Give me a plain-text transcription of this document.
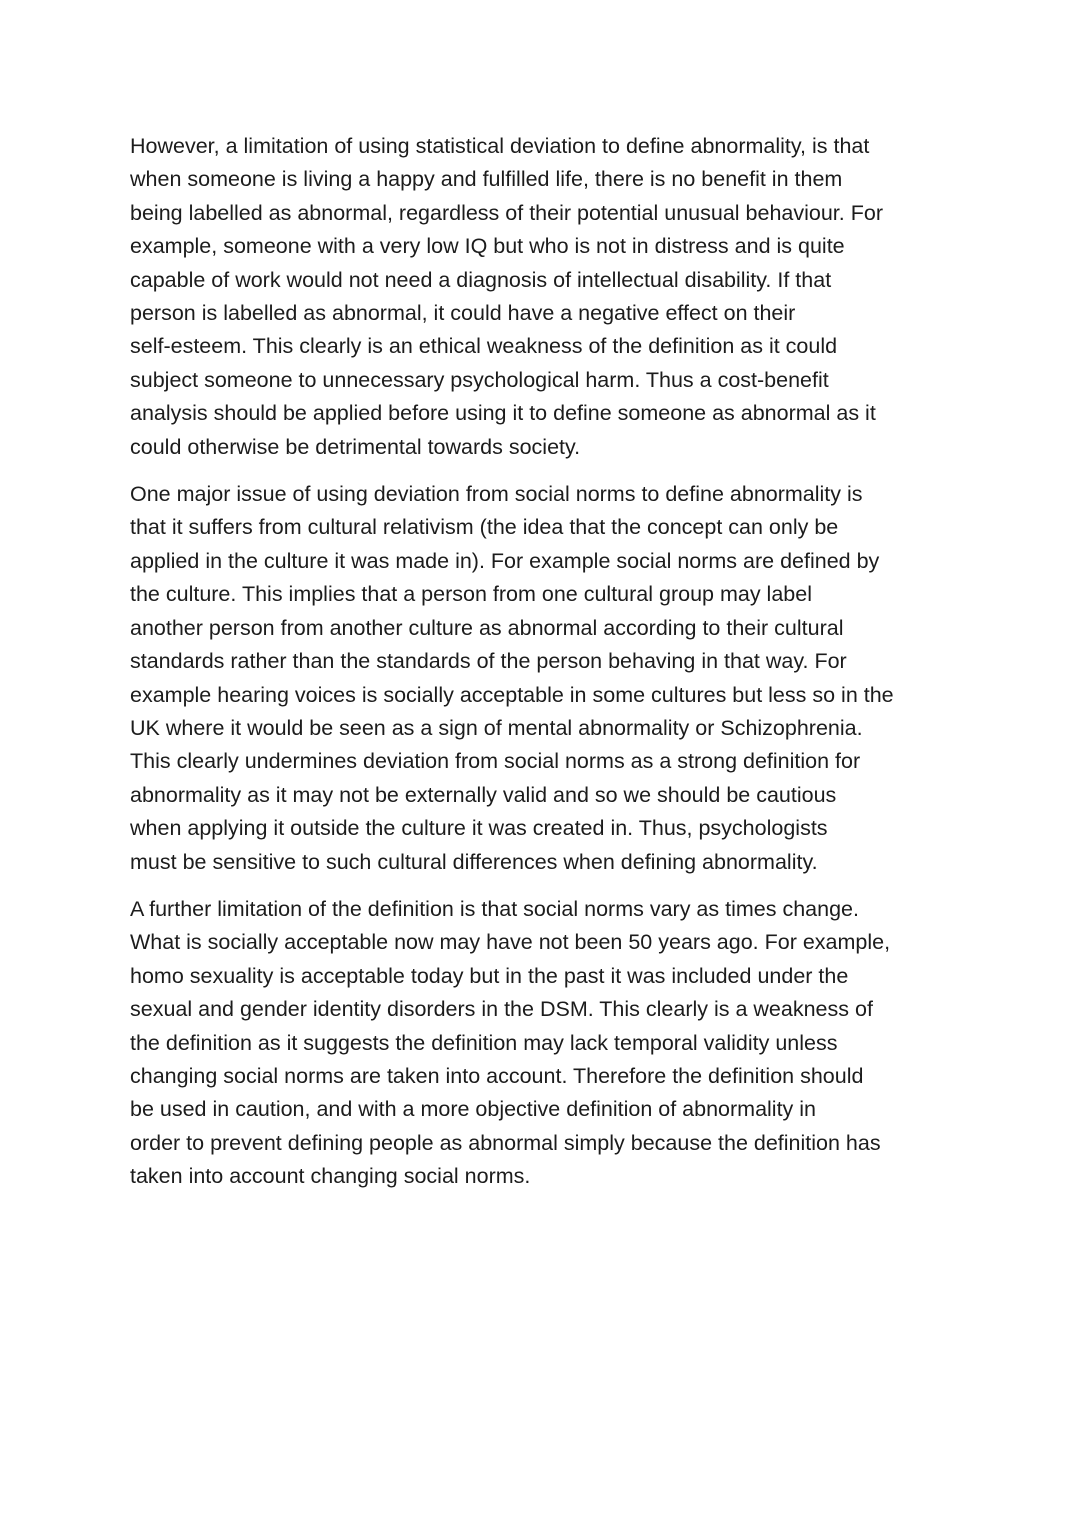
However, a limitation of using statistical deviation to define abnormality, is that
when someone is living a happy and fulfilled life, there is no benefit in them
being labelled as abnormal, regardless of their potential unusual behaviour. For
example, someone with a very low IQ but who is not in distress and is quite
capable of work would not need a diagnosis of intellectual disability. If that
person is labelled as abnormal, it could have a negative effect on their
self-esteem. This clearly is an ethical weakness of the definition as it could
subject someone to unnecessary psychological harm. Thus a cost-benefit
analysis should be applied before using it to define someone as abnormal as it
could otherwise be detrimental towards society.

One major issue of using deviation from social norms to define abnormality is
that it suffers from cultural relativism (the idea that the concept can only be
applied in the culture it was made in). For example social norms are defined by
the culture. This implies that a person from one cultural group may label
another person from another culture as abnormal according to their cultural
standards rather than the standards of the person behaving in that way. For
example hearing voices is socially acceptable in some cultures but less so in the
UK where it would be seen as a sign of mental abnormality or Schizophrenia.
This clearly undermines deviation from social norms as a strong definition for
abnormality as it may not be externally valid and so we should be cautious
when applying it outside the culture it was created in. Thus, psychologists
must be sensitive to such cultural differences when defining abnormality.

A further limitation of the definition is that social norms vary as times change.
What is socially acceptable now may have not been 50 years ago. For example,
homo sexuality is acceptable today but in the past it was included under the
sexual and gender identity disorders in the DSM. This clearly is a weakness of
the definition as it suggests the definition may lack temporal validity unless
changing social norms are taken into account. Therefore the definition should
be used in caution, and with a more objective definition of abnormality in
order to prevent defining people as abnormal simply because the definition has
taken into account changing social norms.
